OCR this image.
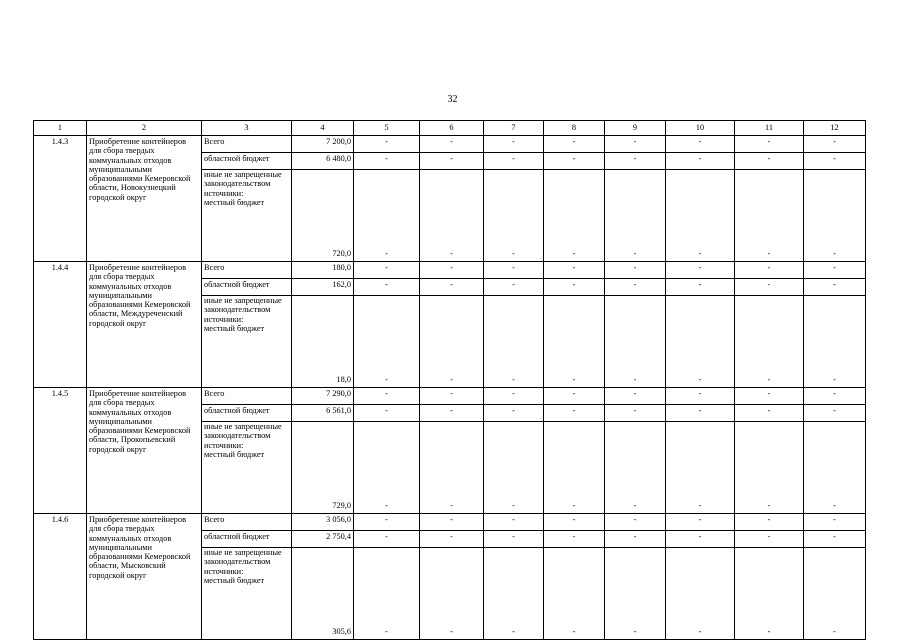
32
1	2	3	4	5	6	7	8	9	10	11	12
1.4.3	Приобретение контейнеров для сбора твердых коммунальных отходов муниципальными образованиями Кемеровской области, Новокузнецкий городской округ	Всего	7 200,0	-	-	-	-	-	-	-	-
		областной бюджет	6 480,0	-	-	-	-	-	-	-	-

		иные не запрещенные законодательством источники:
местный бюджет	720,0	-	-	-	-	-	-	-	-
1.4.4	Приобретение контейнеров для сбора твердых коммунальных отходов муниципальными образованиями Кемеровской области, Междуреченский городской округ	Всего	180,0	-	-	-	-	-	-	-	-
		областной бюджет	162,0	-	-	-	-	-	-	-	-

		иные не запрещенные законодательством источники:
местный бюджет	18,0	-	-	-	-	-	-	-	-
1.4.5	Приобретение контейнеров для сбора твердых коммунальных отходов муниципальными образованиями Кемеровской области, Прокопьевский городской округ	Всего	7 290,0	-	-	-	-	-	-	-	-
		областной бюджет	6 561,0	-	-	-	-	-	-	-	-

		иные не запрещенные законодательством источники:
местный бюджет	729,0	-	-	-	-	-	-	-	-
1.4.6	Приобретение контейнеров для сбора твердых коммунальных отходов муниципальными образованиями Кемеровской области, Мысковский городской округ	Всего	3 056,0	-	-	-	-	-	-	-	-
		областной бюджет	2 750,4	-	-	-	-	-	-	-	-

		иные не запрещенные законодательством источники:
местный бюджет	305,6	-	-	-	-	-	-	-	-
